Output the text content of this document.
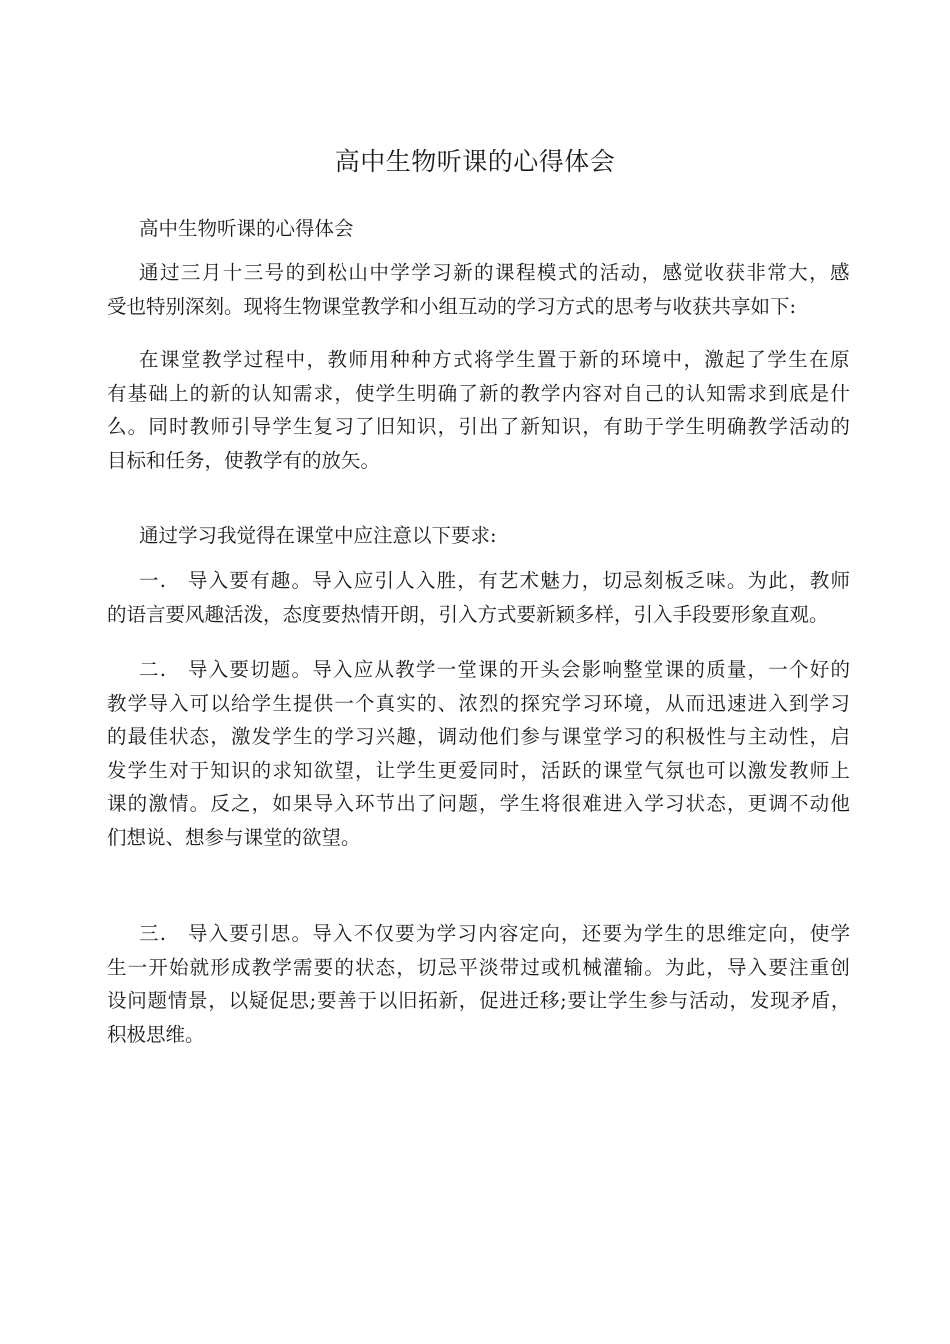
高中生物听课的心得体会
高中生物听课的心得体会
通过三月十三号的到松山中学学习新的课程模式的活动，感觉收获非常大，感
受也特别深刻。现将生物课堂教学和小组互动的学习方式的思考与收获共享如下:
在课堂教学过程中，教师用种种方式将学生置于新的环境中，激起了学生在原
有基础上的新的认知需求，使学生明确了新的教学内容对自己的认知需求到底是什
么。同时教师引导学生复习了旧知识，引出了新知识，有助于学生明确教学活动的
目标和任务，使教学有的放矢。
通过学习我觉得在课堂中应注意以下要求:
一.　导入要有趣。导入应引人入胜，有艺术魅力，切忌刻板乏味。为此，教师
的语言要风趣活泼，态度要热情开朗，引入方式要新颖多样，引入手段要形象直观。
二.　导入要切题。导入应从教学一堂课的开头会影响整堂课的质量，一个好的
教学导入可以给学生提供一个真实的、浓烈的探究学习环境，从而迅速进入到学习
的最佳状态，激发学生的学习兴趣，调动他们参与课堂学习的积极性与主动性，启
发学生对于知识的求知欲望，让学生更爱同时，活跃的课堂气氛也可以激发教师上
课的激情。反之，如果导入环节出了问题，学生将很难进入学习状态，更调不动他
们想说、想参与课堂的欲望。
三.　导入要引思。导入不仅要为学习内容定向，还要为学生的思维定向，使学
生一开始就形成教学需要的状态，切忌平淡带过或机械灌输。为此，导入要注重创
设问题情景，以疑促思;要善于以旧拓新，促进迁移;要让学生参与活动，发现矛盾，
积极思维。
